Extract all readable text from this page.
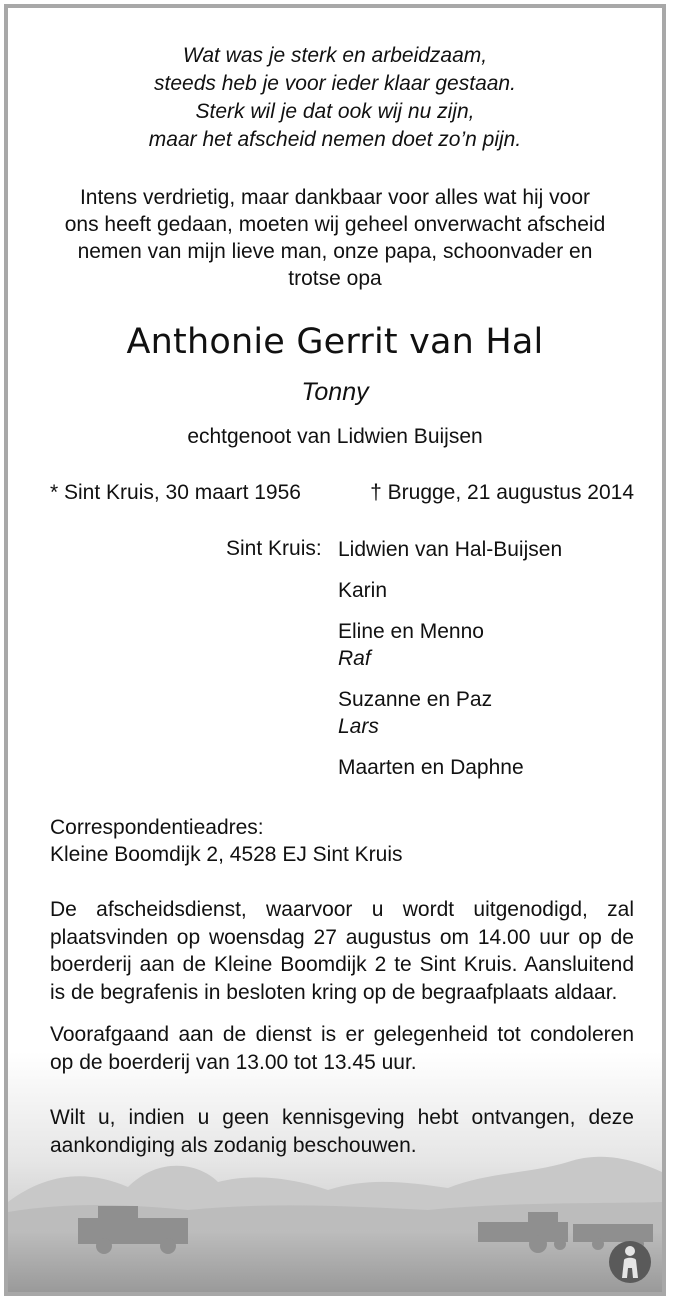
Wat was je sterk en arbeidzaam,
steeds heb je voor ieder klaar gestaan.
Sterk wil je dat ook wij nu zijn,
maar het afscheid nemen doet zo’n pijn.
Intens verdrietig, maar dankbaar voor alles wat hij voor
ons heeft gedaan, moeten wij geheel onverwacht afscheid
nemen van mijn lieve man, onze papa, schoonvader en
trotse opa
Anthonie Gerrit van Hal
Tonny
echtgenoot van Lidwien Buijsen
* Sint Kruis, 30 maart 1956	† Brugge, 21 augustus 2014
Sint Kruis: Lidwien van Hal-Buijsen
Karin
Eline en Menno
Raf
Suzanne en Paz
Lars
Maarten en Daphne
Correspondentieadres:
Kleine Boomdijk 2, 4528 EJ Sint Kruis
De afscheidsdienst, waarvoor u wordt uitgenodigd, zal plaatsvinden op woensdag 27 augustus om 14.00 uur op de boerderij aan de Kleine Boomdijk 2 te Sint Kruis. Aansluitend is de begrafenis in besloten kring op de begraafplaats aldaar.
Voorafgaand aan de dienst is er gelegenheid tot condoleren op de boerderij van 13.00 tot 13.45 uur.
Wilt u, indien u geen kennisgeving hebt ontvangen, deze aankondiging als zodanig beschouwen.
